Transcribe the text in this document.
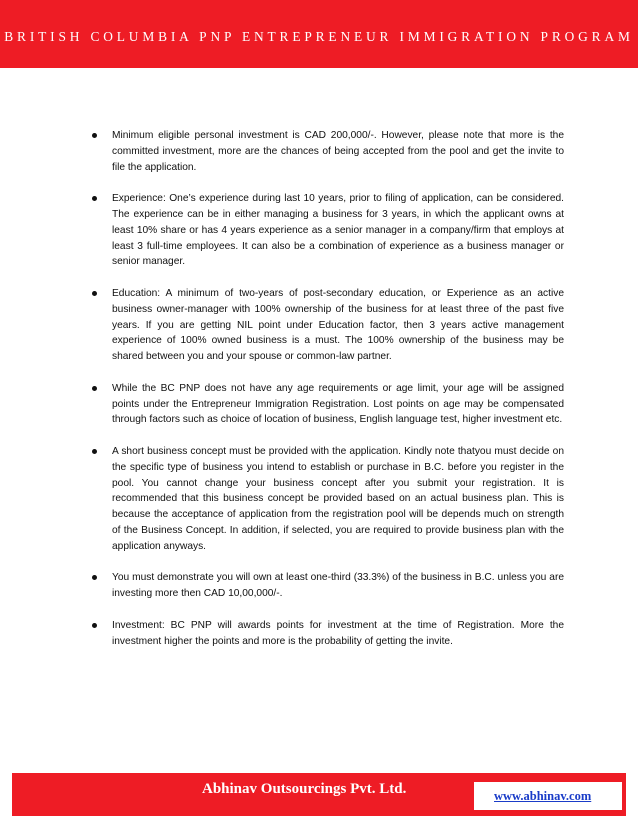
BRITISH COLUMBIA PNP ENTREPRENEUR IMMIGRATION PROGRAM
Minimum eligible personal investment is CAD 200,000/-. However, please note that more is the committed investment, more are the chances of being accepted from the pool and get the invite to file the application.
Experience: One’s experience during last 10 years, prior to filing of application, can be considered. The experience can be in either managing a business for 3 years, in which the applicant owns at least 10% share or has 4 years experience as a senior manager in a company/firm that employs at least 3 full-time employees. It can also be a combination of experience as a business manager or senior manager.
Education: A minimum of two-years of post-secondary education, or Experience as an active business owner-manager with 100% ownership of the business for at least three of the past five years. If you are getting NIL point under Education factor, then 3 years active management experience of 100% owned business is a must. The 100% ownership of the business may be shared between you and your spouse or common-law partner.
While the BC PNP does not have any age requirements or age limit, your age will be assigned points under the Entrepreneur Immigration Registration. Lost points on age may be compensated through factors such as choice of location of business, English language test, higher investment etc.
A short business concept must be provided with the application. Kindly note thatyou must decide on the specific type of business you intend to establish or purchase in B.C. before you register in the pool. You cannot change your business concept after you submit your registration. It is recommended that this business concept be provided based on an actual business plan. This is because the acceptance of application from the registration pool will be depends much on strength of the Business Concept. In addition, if selected, you are required to provide business plan with the application anyways.
You must demonstrate you will own at least one-third (33.3%) of the business in B.C. unless you are investing more then CAD 10,00,000/-.
Investment: BC PNP will awards points for investment at the time of Registration. More the investment higher the points and more is the probability of getting the invite.
Abhinav Outsourcings Pvt. Ltd.	www.abhinav.com
